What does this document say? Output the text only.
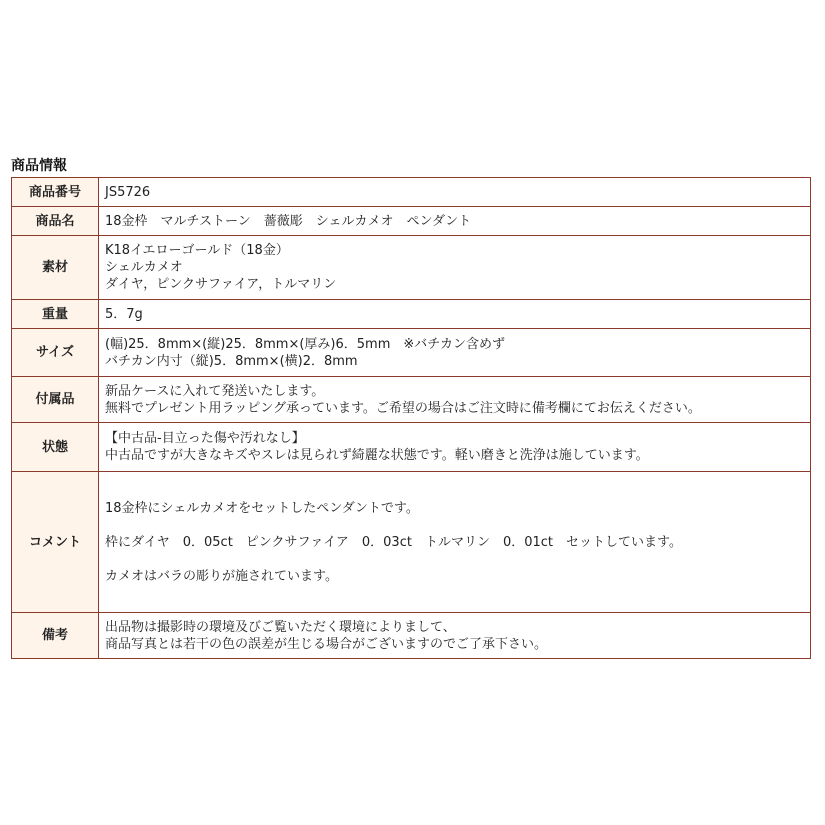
商品情報
商品番号	JS5726

商品名	18金枠　マルチストーン　薔薇彫　シェルカメオ　ペンダント

素材	K18イエローゴールド（18金）
シェルカメオ
ダイヤ，ピンクサファイア，トルマリン

重量	5．7g

サイズ	(幅)25．8mm×(縦)25．8mm×(厚み)6．5mm　※バチカン含めず
バチカン内寸（縦)5．8mm×(横)2．8mm

付属品	新品ケースに入れて発送いたします。
無料でプレゼント用ラッピング承っています。ご希望の場合はご注文時に備考欄にてお伝えください。

状態	【中古品-目立った傷や汚れなし】
中古品ですが大きなキズやスレは見られず綺麗な状態です。軽い磨きと洗浄は施しています。

コメント	18金枠にシェルカメオをセットしたペンダントです。
枠にダイヤ　0．05ct　ピンクサファイア　0．03ct　トルマリン　0．01ct　セットしています。
カメオはバラの彫りが施されています。

備考	出品物は撮影時の環境及びご覧いただく環境によりまして、
商品写真とは若干の色の誤差が生じる場合がございますのでご了承下さい。
